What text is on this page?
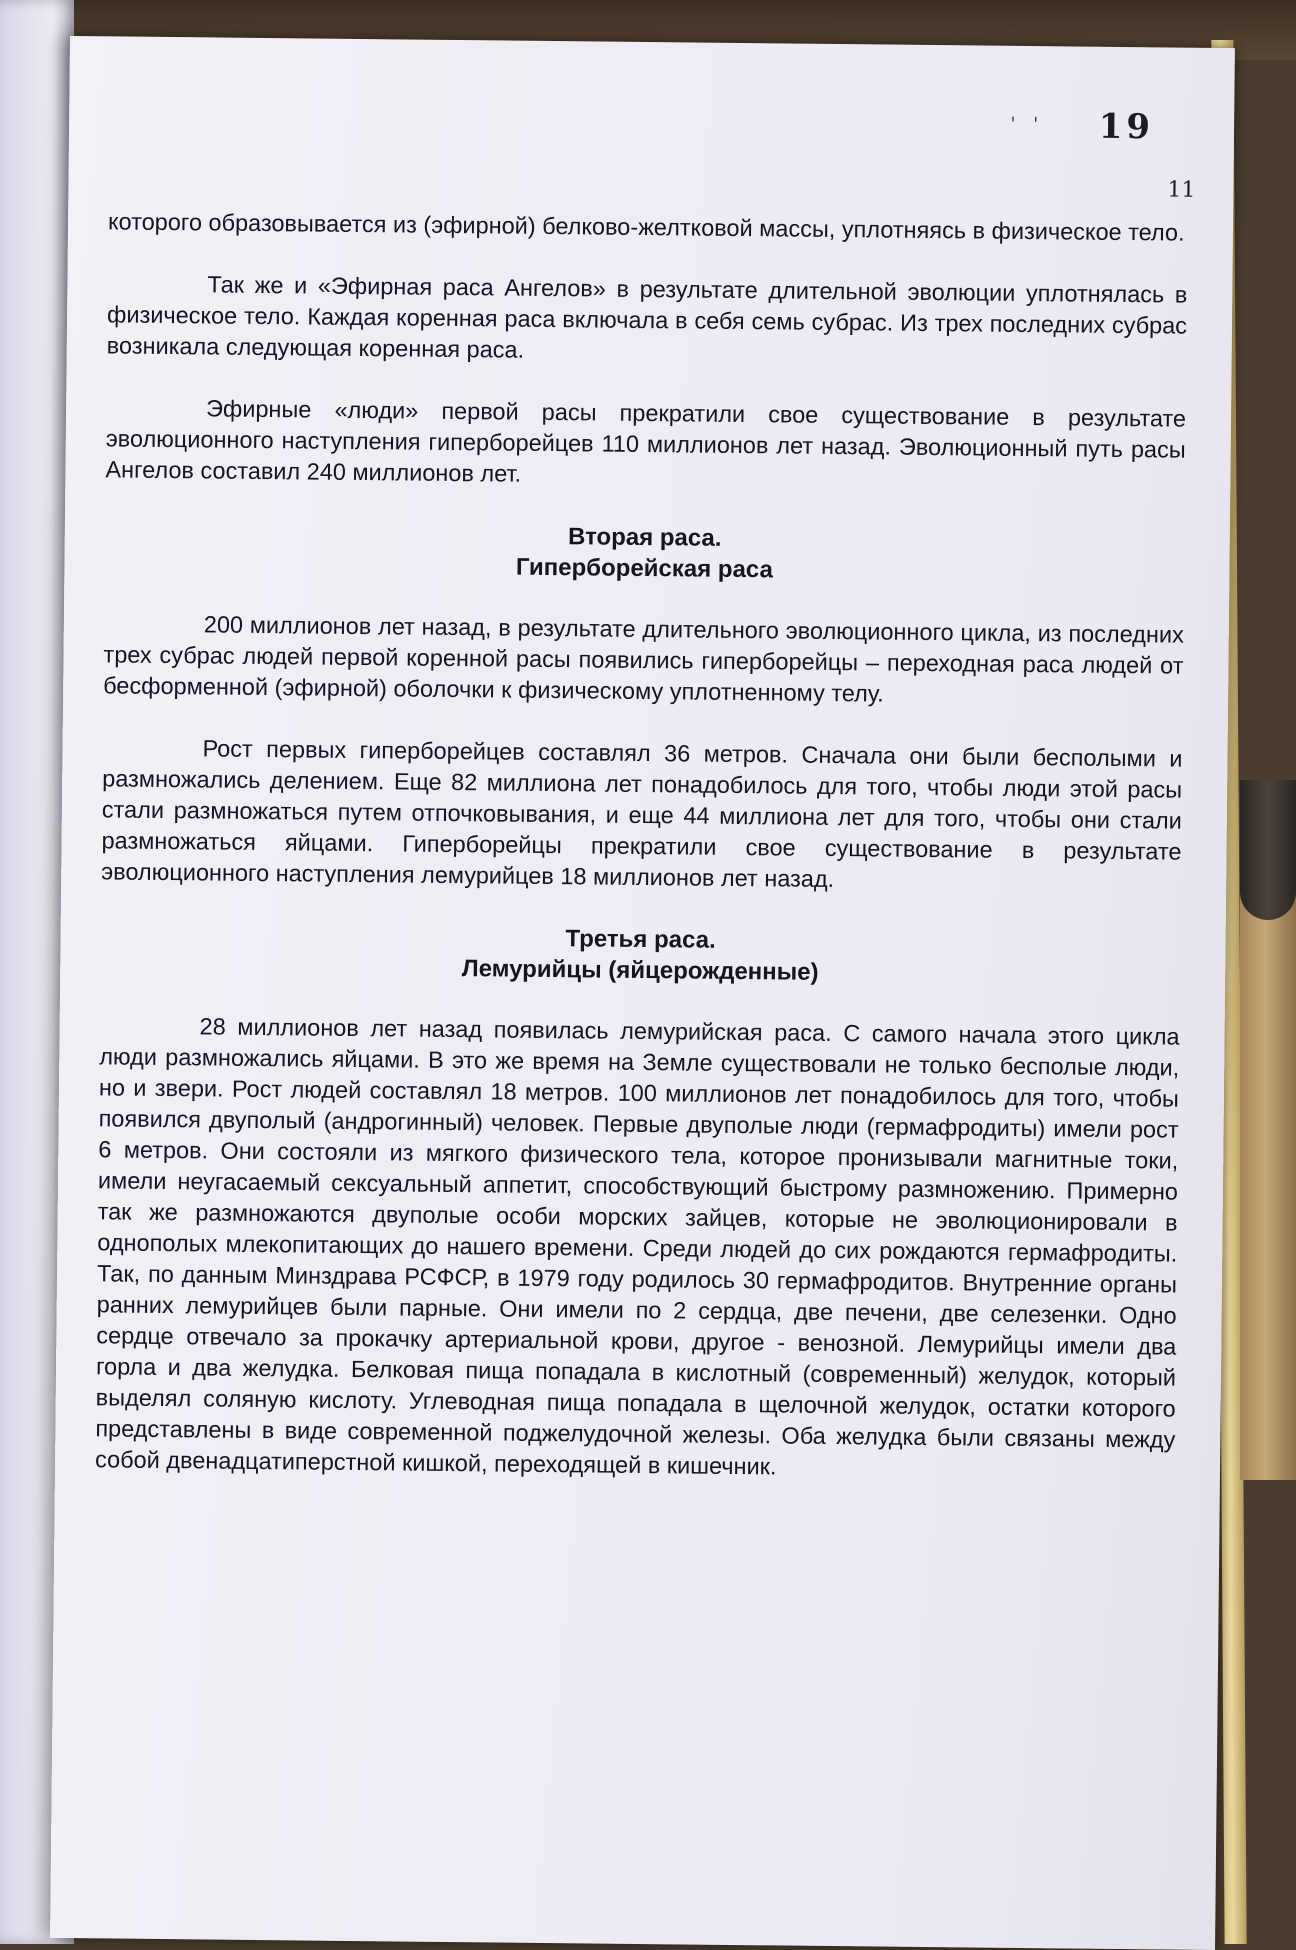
' ' 19
11

которого образовывается из (эфирной) белково-желтковой массы, уплотняясь в физическое тело.

Так же и «Эфирная раса Ангелов» в результате длительной эволюции уплотнялась в физическое тело. Каждая коренная раса включала в себя семь субрас. Из трех последних субрас возникала следующая коренная раса.

Эфирные «люди» первой расы прекратили свое существование в результате эволюционного наступления гиперборейцев 110 миллионов лет назад. Эволюционный путь расы Ангелов составил 240 миллионов лет.

Вторая раса.
Гиперборейская раса

200 миллионов лет назад, в результате длительного эволюционного цикла, из последних трех субрас людей первой коренной расы появились гиперборейцы – переходная раса людей от бесформенной (эфирной) оболочки к физическому уплотненному телу.

Рост первых гиперборейцев составлял 36 метров. Сначала они были бесполыми и размножались делением. Еще 82 миллиона лет понадобилось для того, чтобы люди этой расы стали размножаться путем отпочковывания, и еще 44 миллиона лет для того, чтобы они стали размножаться яйцами. Гиперборейцы прекратили свое существование в результате эволюционного наступления лемурийцев 18 миллионов лет назад.

Третья раса.
Лемурийцы (яйцерожденные)

28 миллионов лет назад появилась лемурийская раса. С самого начала этого цикла люди размножались яйцами. В это же время на Земле существовали не только бесполые люди, но и звери. Рост людей составлял 18 метров. 100 миллионов лет понадобилось для того, чтобы появился двуполый (андрогинный) человек. Первые двуполые люди (гермафродиты) имели рост 6 метров. Они состояли из мягкого физического тела, которое пронизывали магнитные токи, имели неугасаемый сексуальный аппетит, способствующий быстрому размножению. Примерно так же размножаются двуполые особи морских зайцев, которые не эволюционировали в однополых млекопитающих до нашего времени. Среди людей до сих рождаются гермафродиты. Так, по данным Минздрава РСФСР, в 1979 году родилось 30 гермафродитов. Внутренние органы ранних лемурийцев были парные. Они имели по 2 сердца, две печени, две селезенки. Одно сердце отвечало за прокачку артериальной крови, другое - венозной. Лемурийцы имели два горла и два желудка. Белковая пища попадала в кислотный (современный) желудок, который выделял соляную кислоту. Углеводная пища попадала в щелочной желудок, остатки которого представлены в виде современной поджелудочной железы. Оба желудка были связаны между собой двенадцатиперстной кишкой, переходящей в кишечник.
